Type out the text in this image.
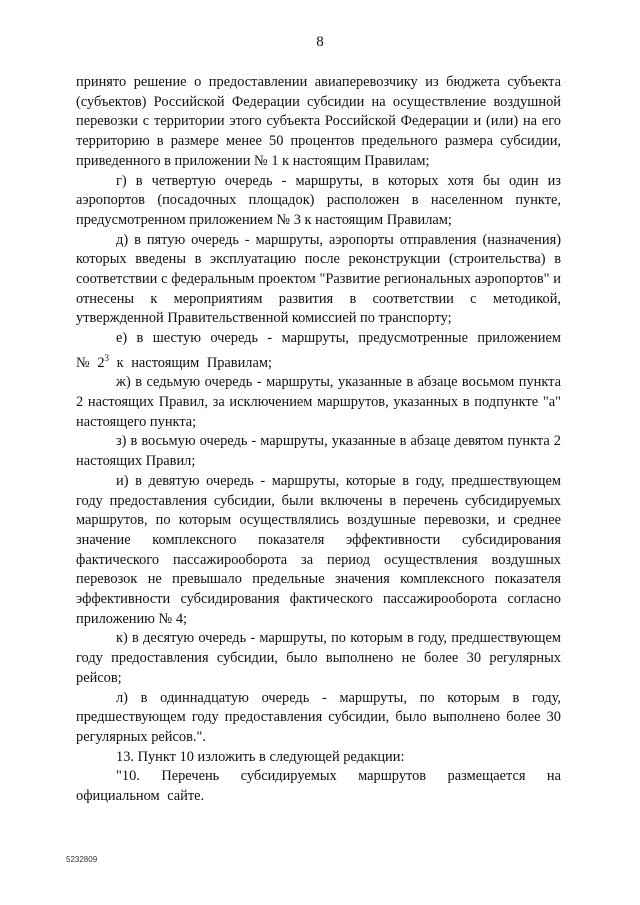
8

принято решение о предоставлении авиаперевозчику из бюджета субъекта (субъектов) Российской Федерации субсидии на осуществление воздушной перевозки с территории этого субъекта Российской Федерации и (или) на его территорию в размере менее 50 процентов предельного размера субсидии, приведенного в приложении № 1 к настоящим Правилам;

г) в четвертую очередь - маршруты, в которых хотя бы один из аэропортов (посадочных площадок) расположен в населенном пункте, предусмотренном приложением № 3 к настоящим Правилам;

д) в пятую очередь - маршруты, аэропорты отправления (назначения) которых введены в эксплуатацию после реконструкции (строительства) в соответствии с федеральным проектом "Развитие региональных аэропортов" и отнесены к мероприятиям развития в соответствии с методикой, утвержденной Правительственной комиссией по транспорту;

е) в шестую очередь - маршруты, предусмотренные приложением № $2^3$ к настоящим Правилам;

ж) в седьмую очередь - маршруты, указанные в абзаце восьмом пункта 2 настоящих Правил, за исключением маршрутов, указанных в подпункте "а" настоящего пункта;

з) в восьмую очередь - маршруты, указанные в абзаце девятом пункта 2 настоящих Правил;

и) в девятую очередь - маршруты, которые в году, предшествующем году предоставления субсидии, были включены в перечень субсидируемых маршрутов, по которым осуществлялись воздушные перевозки, и среднее значение комплексного показателя эффективности субсидирования фактического пассажирооборота за период осуществления воздушных перевозок не превышало предельные значения комплексного показателя эффективности субсидирования фактического пассажирооборота согласно приложению № 4;

к) в десятую очередь - маршруты, по которым в году, предшествующем году предоставления субсидии, было выполнено не более 30 регулярных рейсов;

л) в одиннадцатую очередь - маршруты, по которым в году, предшествующем году предоставления субсидии, было выполнено более 30 регулярных рейсов.".

13. Пункт 10 изложить в следующей редакции:

"10. Перечень субсидируемых маршрутов размещается на официальном сайте.

5232809
